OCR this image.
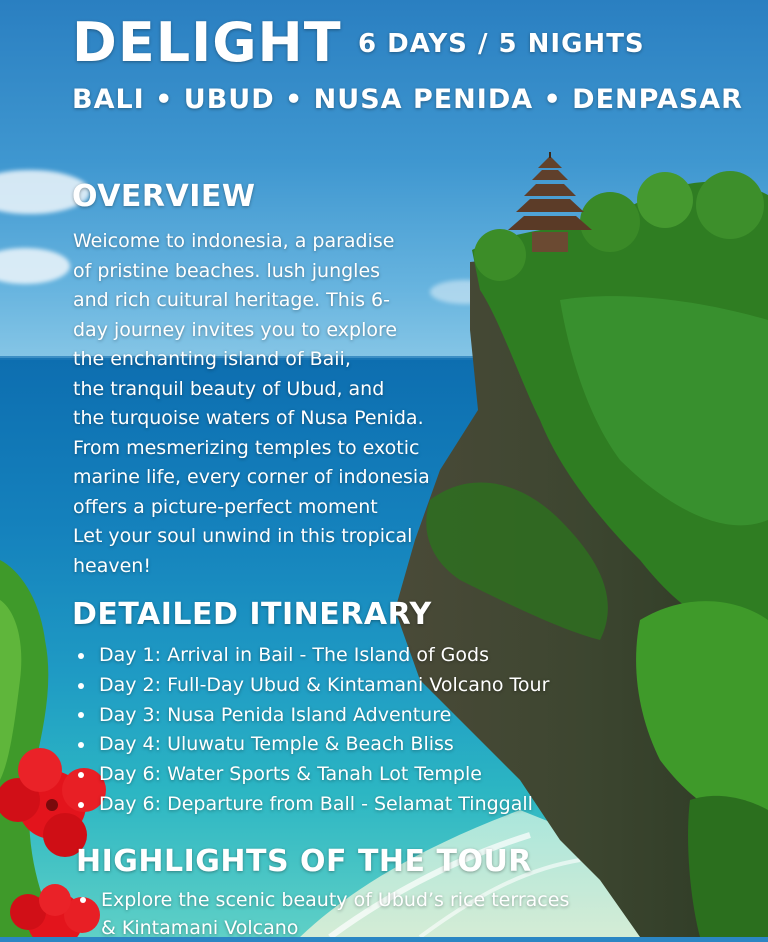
DELIGHT 6 DAYS / 5 NIGHTS
BALI • UBUD • NUSA PENIDA • DENPASAR
OVERVIEW
Weicome to indonesia, a paradise
of pristine beaches. lush jungles
and rich cuitural heritage. This 6-
day journey invites you to explore
the enchanting island of Baii,
the tranquil beauty of Ubud, and
the turquoise waters of Nusa Penida.
From mesmerizing temples to exotic
marine life, every corner of indonesia
offers a picture-perfect moment
Let your soul unwind in this tropical
heaven!
DETAILED ITINERARY
Day 1: Arrival in Bail - The Island of Gods
Day 2: Full-Day Ubud & Kintamani Volcano Tour
Day 3: Nusa Penida Island Adventure
Day 4: Uluwatu Temple & Beach Bliss
Day 6: Water Sports & Tanah Lot Temple
Day 6: Departure from Ball - Selamat Tinggall
HIGHLIGHTS OF THE TOUR
Explore the scenic beauty of Ubud’s rice terraces
& Kintamani Volcano
